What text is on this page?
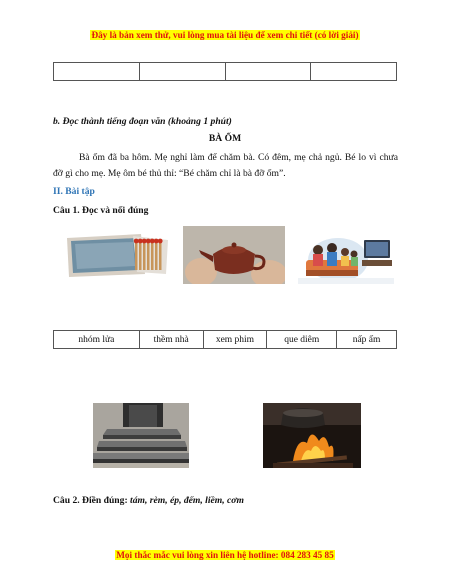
Đây là bản xem thử, vui lòng mua tài liệu để xem chi tiết (có lời giải)

b. Đọc thành tiếng đoạn văn (khoảng 1 phút)
BÀ ỐM
Bà ốm đã ba hôm. Mẹ nghỉ làm để chăm bà. Có đêm, mẹ chả ngủ. Bé lo vì chưa đỡ gì cho mẹ. Mẹ ôm bé thủ thỉ: “Bé chăm chỉ là bà đỡ ốm”.
II. Bài tập
Câu 1. Đọc và nối đúng
nhóm lửa	thềm nhà	xem phim	que diêm	nấp ấm
Câu 2. Điền đúng: tám, rèm, ép, đếm, liềm, cơm
Mọi thắc mắc vui lòng xin liên hệ hotline: 084 283 45 85
